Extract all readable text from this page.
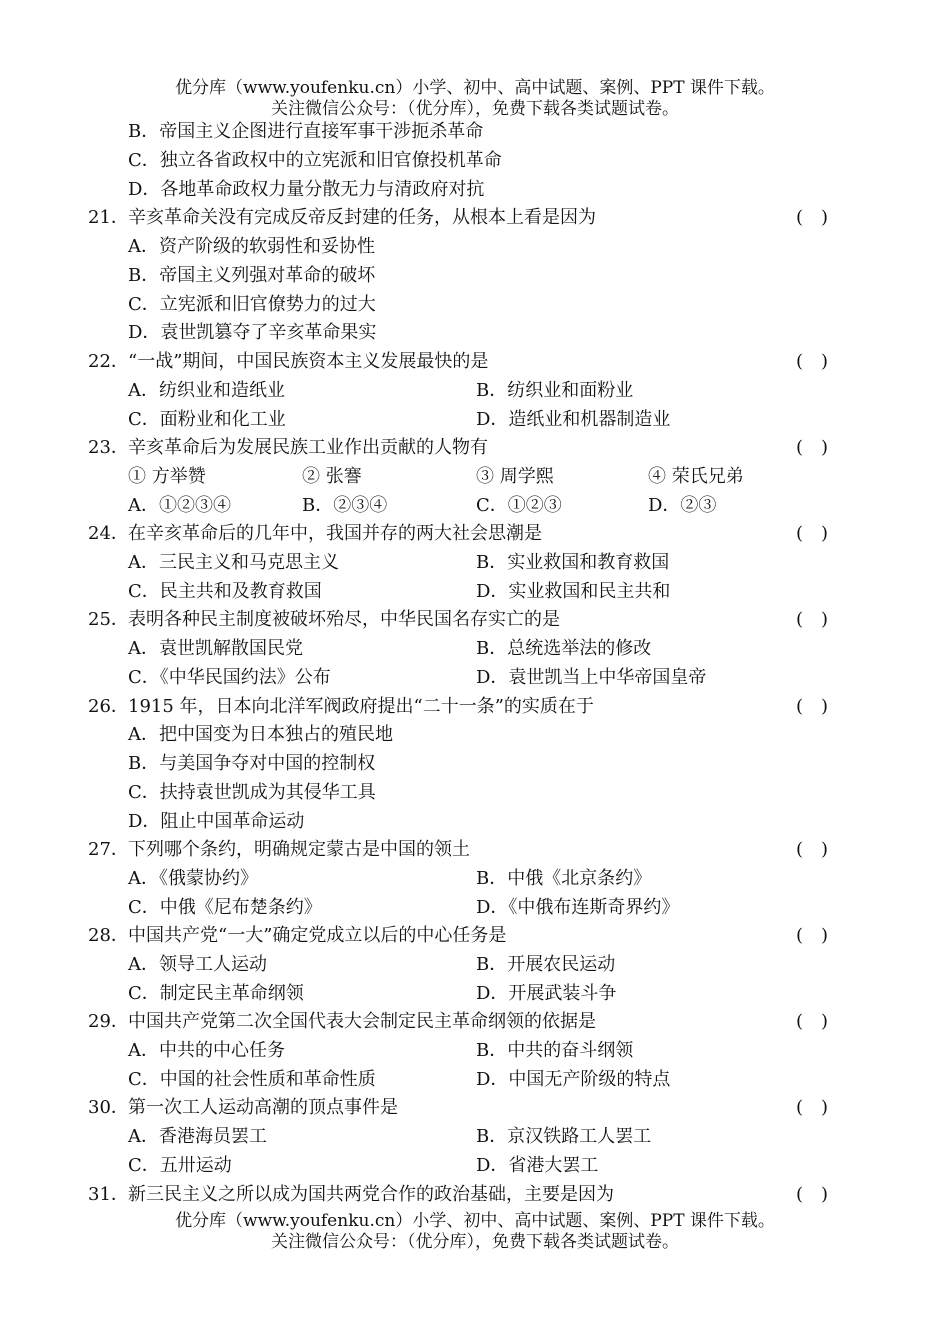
优分库（www.youfenku.cn）小学、初中、高中试题、案例、PPT 课件下载。
关注微信公众号：（优分库），免费下载各类试题试卷。
B．帝国主义企图进行直接军事干涉扼杀革命
C．独立各省政权中的立宪派和旧官僚投机革命
D．各地革命政权力量分散无力与清政府对抗
21． 辛亥革命关没有完成反帝反封建的任务，从根本上看是因为	(　)
A．资产阶级的软弱性和妥协性
B．帝国主义列强对革命的破坏
C．立宪派和旧官僚势力的过大
D．袁世凯篡夺了辛亥革命果实
22． “一战”期间，中国民族资本主义发展最快的是	(　)
A．纺织业和造纸业	B．纺织业和面粉业
C．面粉业和化工业	D．造纸业和机器制造业
23． 辛亥革命后为发展民族工业作出贡献的人物有	(　)
① 方举赞	② 张謇	③ 周学熙	④ 荣氏兄弟
A．①②③④	B．②③④	C．①②③	D．②③
24． 在辛亥革命后的几年中，我国并存的两大社会思潮是	(　)
A．三民主义和马克思主义	B．实业救国和教育救国
C．民主共和及教育救国	D．实业救国和民主共和
25． 表明各种民主制度被破坏殆尽，中华民国名存实亡的是	(　)
A．袁世凯解散国民党	B．总统选举法的修改
C．《中华民国约法》公布	D．袁世凯当上中华帝国皇帝
26． 1915 年，日本向北洋军阀政府提出“二十一条”的实质在于	(　)
A．把中国变为日本独占的殖民地
B．与美国争夺对中国的控制权
C．扶持袁世凯成为其侵华工具
D．阻止中国革命运动
27． 下列哪个条约，明确规定蒙古是中国的领土	(　)
A．《俄蒙协约》	B．中俄《北京条约》
C．中俄《尼布楚条约》	D．《中俄布连斯奇界约》
28． 中国共产党“一大”确定党成立以后的中心任务是	(　)
A．领导工人运动	B．开展农民运动
C．制定民主革命纲领	D．开展武装斗争
29． 中国共产党第二次全国代表大会制定民主革命纲领的依据是	(　)
A．中共的中心任务	B．中共的奋斗纲领
C．中国的社会性质和革命性质	D．中国无产阶级的特点
30． 第一次工人运动高潮的顶点事件是	(　)
A．香港海员罢工	B．京汉铁路工人罢工
C．五卅运动	D．省港大罢工
31． 新三民主义之所以成为国共两党合作的政治基础，主要是因为	(　)
优分库（www.youfenku.cn）小学、初中、高中试题、案例、PPT 课件下载。
关注微信公众号：（优分库），免费下载各类试题试卷。
